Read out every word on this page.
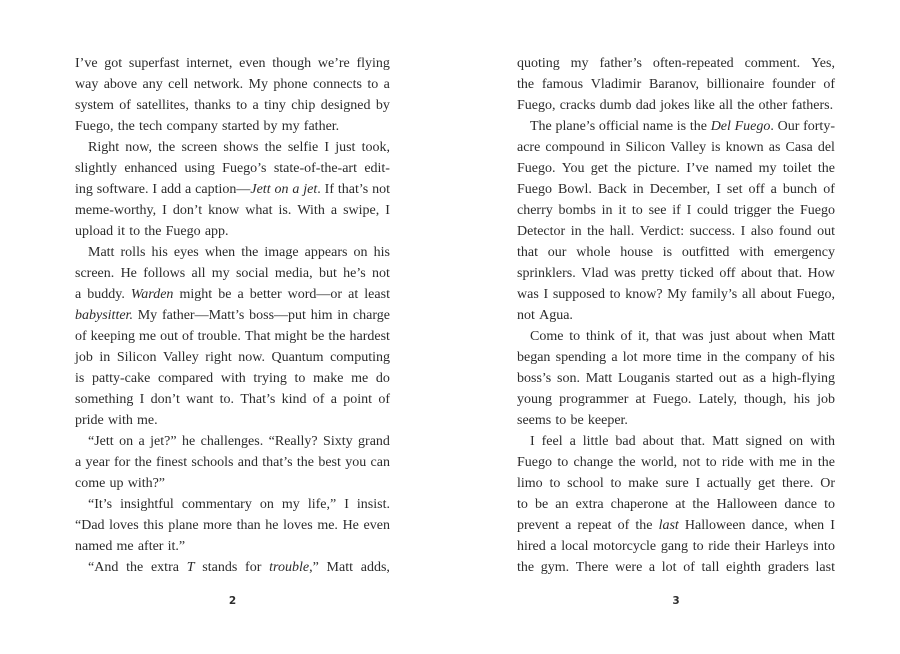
I’ve got superfast internet, even though we’re flying
way above any cell network. My phone connects to a
system of satellites, thanks to a tiny chip designed by
Fuego, the tech company started by my father.
Right now, the screen shows the selfie I just took,
slightly enhanced using Fuego’s state-of-the-art edit-
ing software. I add a caption—Jett on a jet. If that’s not
meme-worthy, I don’t know what is. With a swipe, I
upload it to the Fuego app.
Matt rolls his eyes when the image appears on his
screen. He follows all my social media, but he’s not
a buddy. Warden might be a better word—or at least
babysitter. My father—Matt’s boss—put him in charge
of keeping me out of trouble. That might be the hardest
job in Silicon Valley right now. Quantum computing
is patty-cake compared with trying to make me do
something I don’t want to. That’s kind of a point of
pride with me.
“Jett on a jet?” he challenges. “Really? Sixty grand
a year for the finest schools and that’s the best you can
come up with?”
“It’s insightful commentary on my life,” I insist.
“Dad loves this plane more than he loves me. He even
named me after it.”
“And the extra T stands for trouble,” Matt adds,
2
quoting my father’s often-repeated comment. Yes,
the famous Vladimir Baranov, billionaire founder of
Fuego, cracks dumb dad jokes like all the other fathers.
The plane’s official name is the Del Fuego. Our forty-
acre compound in Silicon Valley is known as Casa del
Fuego. You get the picture. I’ve named my toilet the
Fuego Bowl. Back in December, I set off a bunch of
cherry bombs in it to see if I could trigger the Fuego
Detector in the hall. Verdict: success. I also found out
that our whole house is outfitted with emergency
sprinklers. Vlad was pretty ticked off about that. How
was I supposed to know? My family’s all about Fuego,
not Agua.
Come to think of it, that was just about when Matt
began spending a lot more time in the company of his
boss’s son. Matt Louganis started out as a high-flying
young programmer at Fuego. Lately, though, his job
seems to be keeper.
I feel a little bad about that. Matt signed on with
Fuego to change the world, not to ride with me in the
limo to school to make sure I actually get there. Or
to be an extra chaperone at the Halloween dance to
prevent a repeat of the last Halloween dance, when I
hired a local motorcycle gang to ride their Harleys into
the gym. There were a lot of tall eighth graders last
3
